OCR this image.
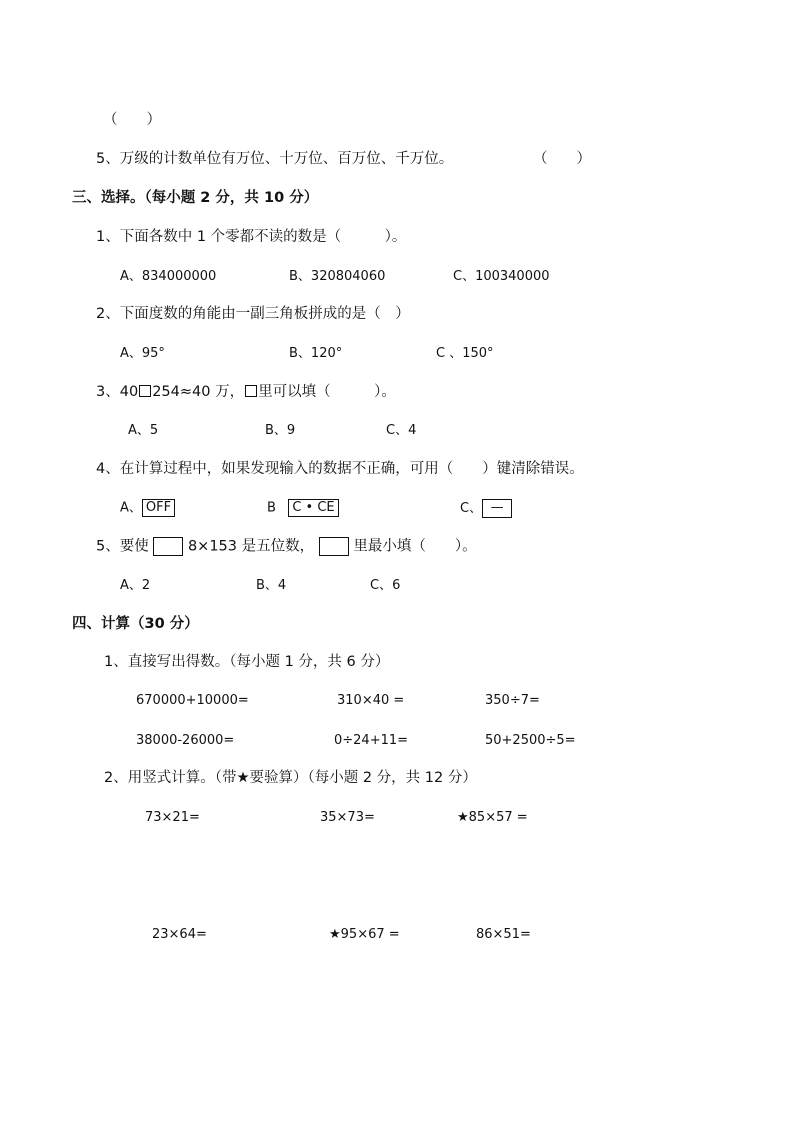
（　　）
5、万级的计数单位有万位、十万位、百万位、千万位。	（　　）
三、选择。（每小题 2 分，共 10 分）
1、下面各数中 1 个零都不读的数是（　　　）。
A、834000000	B、320804060	C、100340000
2、下面度数的角能由一副三角板拼成的是（　）
A、95°	B、120°	C 、150°
3、40 254≈40 万， 里可以填（　　　）。
A、5	B、9	C、4
4、在计算过程中，如果发现输入的数据不正确，可用（　　）键清除错误。
A、 OFF	B C • CE	C、 —
5、要使	8×153 是五位数，	里最小填（　　）。
A、2	B、4	C、6
四、计算（30 分）
1、直接写出得数。（每小题 1 分，共 6 分）
670000+10000=	310×40 =	350÷7=
38000-26000=	0÷24+11=	50+2500÷5=
2、用竖式计算。（带★要验算）（每小题 2 分，共 12 分）
73×21=	35×73=	★85×57 =
23×64=	★95×67 =	86×51=
